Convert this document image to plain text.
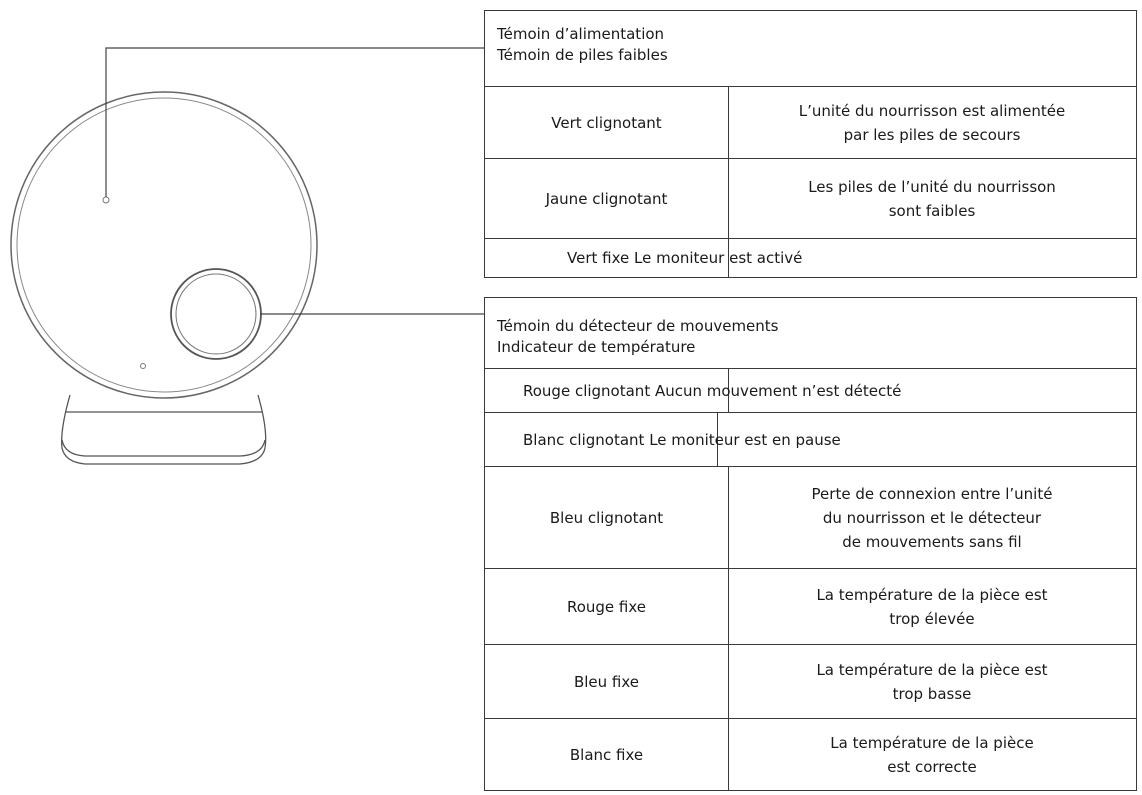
Témoin d’alimentation
Témoin de piles faibles
Vert clignotant
L’unité du nourrisson est alimentée
par les piles de secours
Jaune clignotant
Les piles de l’unité du nourrisson
sont faibles
Vert fixe Le moniteur est activé
Témoin du détecteur de mouvements
Indicateur de température
Rouge clignotant Aucun mouvement n’est détecté
Blanc clignotant Le moniteur est en pause
Bleu clignotant
Perte de connexion entre l’unité
du nourrisson et le détecteur
de mouvements sans fil
Rouge fixe
La température de la pièce est
trop élevée
Bleu fixe
La température de la pièce est
trop basse
Blanc fixe
La température de la pièce
est correcte
